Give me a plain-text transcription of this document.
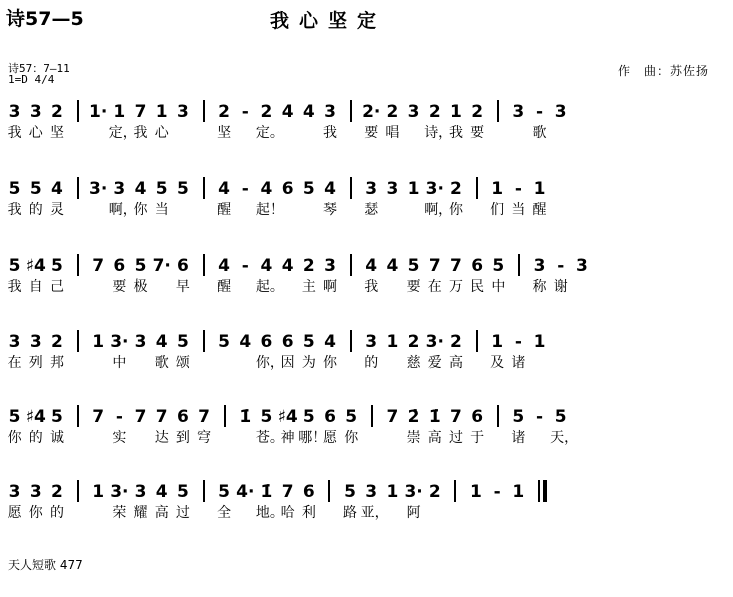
诗57—5	我心坚定
诗57：7—11
1=D 4/4
作　曲：苏佐扬
3 3 2 1· 1 7 1 3 2 - 2 4 4 3 2· 2 3 2 1 2 3 - 3
我 心 坚	定，
我 心	坚 定。	我 要 唱 诗，
我 要	歌
5 5 4 3· 3 4 5 5 4 - 4 6 5 4 3 3 1 3· 2 1 - 1
我 的 灵	啊，
你 当	醒 起！	琴 瑟	啊，
你 们 当 醒
5 ♯4 5 7 6 5 7· 6 4 - 4 4 2 3 4 4 5 7 7 6 5 3 - 3
我 自 己	要 极 早 醒 起。 主 啊 我 要 在 万 民 中 称 谢
3 3 2 1 3· 3 4 5 5 4 6 6 5 4 3 1 2 3· 2 1 - 1
在 列 邦	中 歌 颂	你，
因 为 你 的 慈 爱 高 及 诸
5 ♯4 5 7 - 7 7 6 7 1̇ 5 ♯4 5 6 5 7 2̇ 1̇ 7 6 5 - 5
你 的 诚	实 达 到 穹	苍。
神 哪！
愿 你	崇 高 过 于 诸 天，
3 3 2 1 3· 3 4 5 5 4· 1̇ 7 6 5 3 1 3· 2 1 - 1
愿 你 的	荣 耀 高 过 全 地。
哈 利 路 亚， 阿
天人短歌 477
